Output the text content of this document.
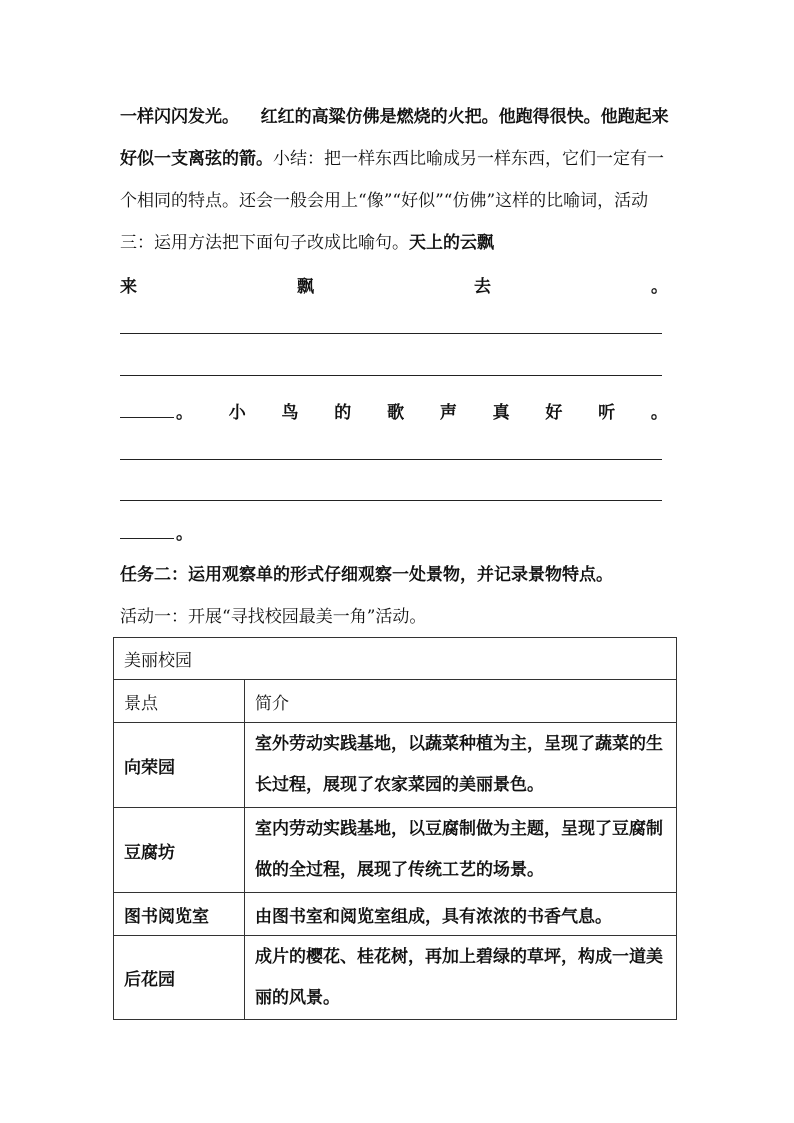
一样闪闪发光。 红红的高粱仿佛是燃烧的火把。他跑得很快。他跑起来好似一支离弦的箭。小结：把一样东西比喻成另一样东西，它们一定有一个相同的特点。还会一般会用上“像”“好似”“仿佛”这样的比喻词，活动三：运用方法把下面句子改成比喻句。天上的云飘

来	飘	去	。
。 小 鸟 的 歌 声 真 好 听 。
。
任务二：运用观察单的形式仔细观察一处景物，并记录景物特点。
活动一：开展“寻找校园最美一角”活动。
美丽校园	
景点	简介
向荣园	室外劳动实践基地，以蔬菜种植为主，呈现了蔬菜的生长过程，展现了农家菜园的美丽景色。
豆腐坊	室内劳动实践基地，以豆腐制做为主题，呈现了豆腐制做的全过程，展现了传统工艺的场景。
图书阅览室	由图书室和阅览室组成，具有浓浓的书香气息。
后花园	成片的樱花、桂花树，再加上碧绿的草坪，构成一道美丽的风景。
